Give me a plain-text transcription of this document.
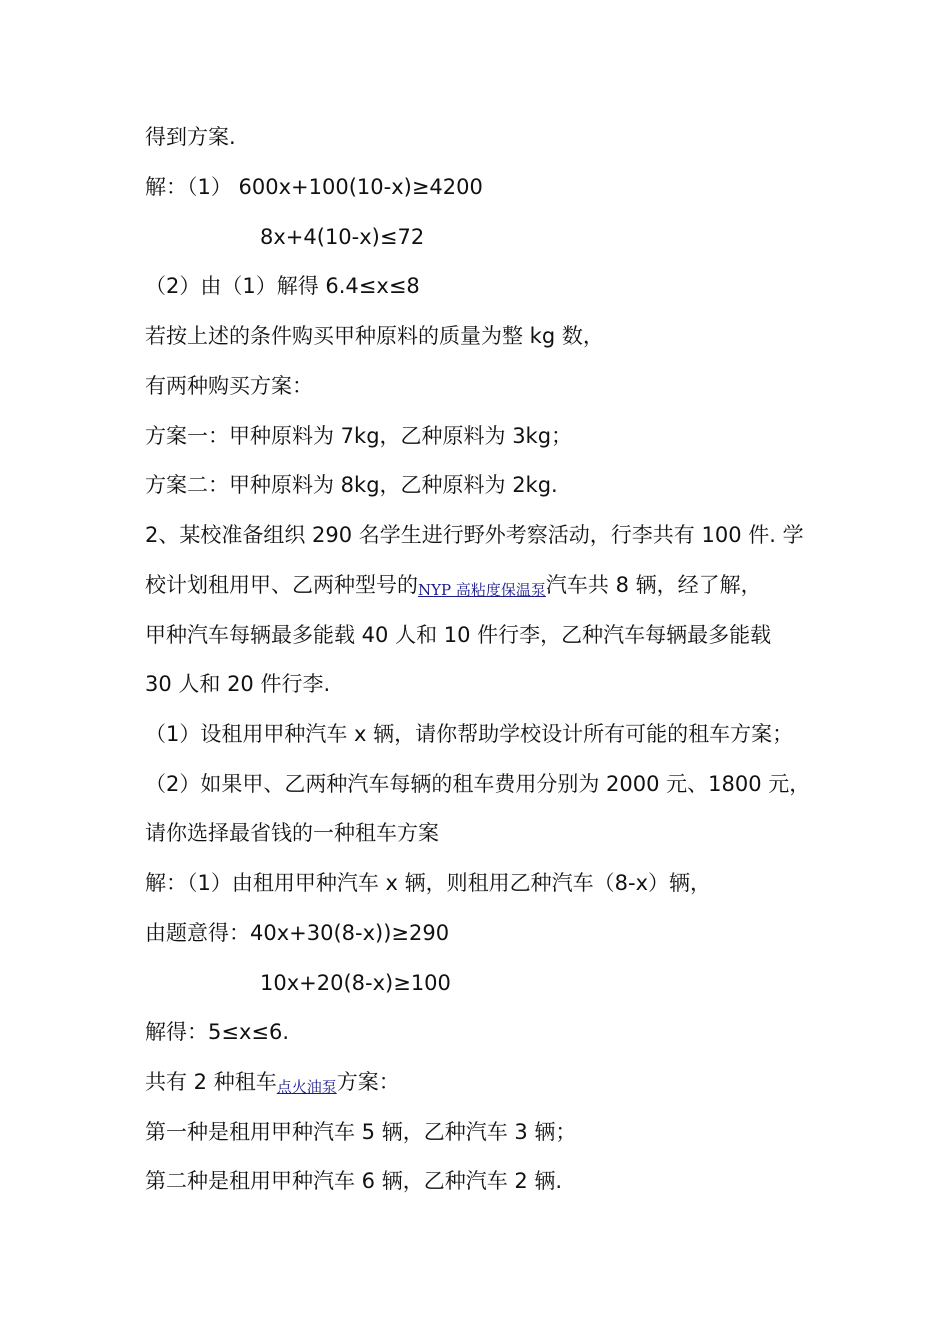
得到方案.
解：（1） 600x+100(10-x)≥4200
8x+4(10-x)≤72
（2）由（1）解得 6.4≤x≤8
若按上述的条件购买甲种原料的质量为整 kg 数，
有两种购买方案：
方案一：甲种原料为 7kg，乙种原料为 3kg；
方案二：甲种原料为 8kg，乙种原料为 2kg.
2、某校准备组织 290 名学生进行野外考察活动，行李共有 100 件. 学
校计划租用甲、乙两种型号的NYP 高粘度保温泵汽车共 8 辆，经了解，
甲种汽车每辆最多能载 40 人和 10 件行李，乙种汽车每辆最多能载
30 人和 20 件行李.
（1）设租用甲种汽车 x 辆，请你帮助学校设计所有可能的租车方案；
（2）如果甲、乙两种汽车每辆的租车费用分别为 2000 元、1800 元，
请你选择最省钱的一种租车方案
解：（1）由租用甲种汽车 x 辆，则租用乙种汽车（8-x）辆，
由题意得：40x+30(8-x))≥290
10x+20(8-x)≥100
解得：5≤x≤6.
共有 2 种租车点火油泵方案：
第一种是租用甲种汽车 5 辆，乙种汽车 3 辆；
第二种是租用甲种汽车 6 辆，乙种汽车 2 辆.
